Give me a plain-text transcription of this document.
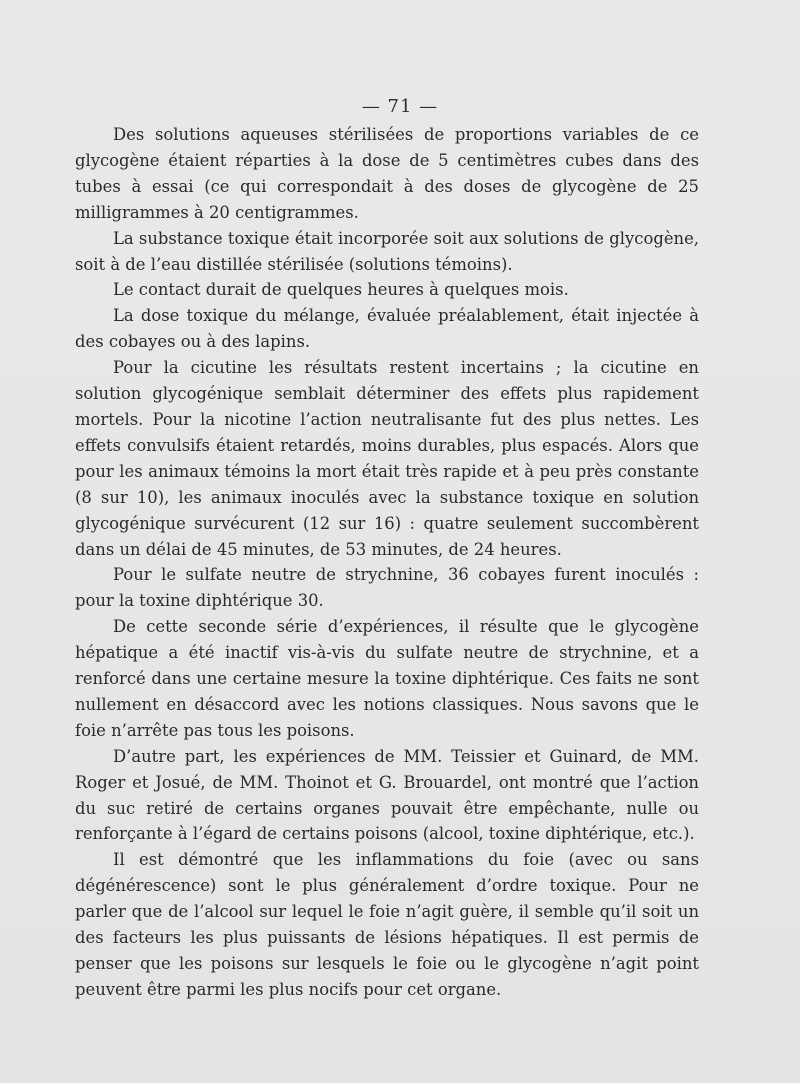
— 71 —

Des solutions aqueuses stérilisées de proportions variables de ce glycogène étaient réparties à la dose de 5 centimètres cubes dans des tubes à essai (ce qui correspondait à des doses de glycogène de 25 milligrammes à 20 centigrammes.

La substance toxique était incorporée soit aux solutions de glycogène, soit à de l’eau distillée stérilisée (solutions témoins).

Le contact durait de quelques heures à quelques mois.

La dose toxique du mélange, évaluée préalablement, était injectée à des cobayes ou à des lapins.

Pour la cicutine les résultats restent incertains ; la cicutine en solution glycogénique semblait déterminer des effets plus rapidement mortels. Pour la nicotine l’action neutralisante fut des plus nettes. Les effets convulsifs étaient retardés, moins durables, plus espacés. Alors que pour les animaux témoins la mort était très rapide et à peu près constante (8 sur 10), les animaux inoculés avec la substance toxique en solution glycogénique survécurent (12 sur 16) : quatre seulement succombèrent dans un délai de 45 minutes, de 53 minutes, de 24 heures.

Pour le sulfate neutre de strychnine, 36 cobayes furent inoculés : pour la toxine diphtérique 30.

De cette seconde série d’expériences, il résulte que le glycogène hépatique a été inactif vis-à-vis du sulfate neutre de strychnine, et a renforcé dans une certaine mesure la toxine diphtérique. Ces faits ne sont nullement en désaccord avec les notions classiques. Nous savons que le foie n’arrête pas tous les poisons.

D’autre part, les expériences de MM. Teissier et Guinard, de MM. Roger et Josué, de MM. Thoinot et G. Brouardel, ont montré que l’action du suc retiré de certains organes pouvait être empêchante, nulle ou renforçante à l’égard de certains poisons (alcool, toxine diphtérique, etc.).

Il est démontré que les inflammations du foie (avec ou sans dégénérescence) sont le plus généralement d’ordre toxique. Pour ne parler que de l’alcool sur lequel le foie n’agit guère, il semble qu’il soit un des facteurs les plus puissants de lésions hépatiques. Il est permis de penser que les poisons sur lesquels le foie ou le glycogène n’agit point peuvent être parmi les plus nocifs pour cet organe.
